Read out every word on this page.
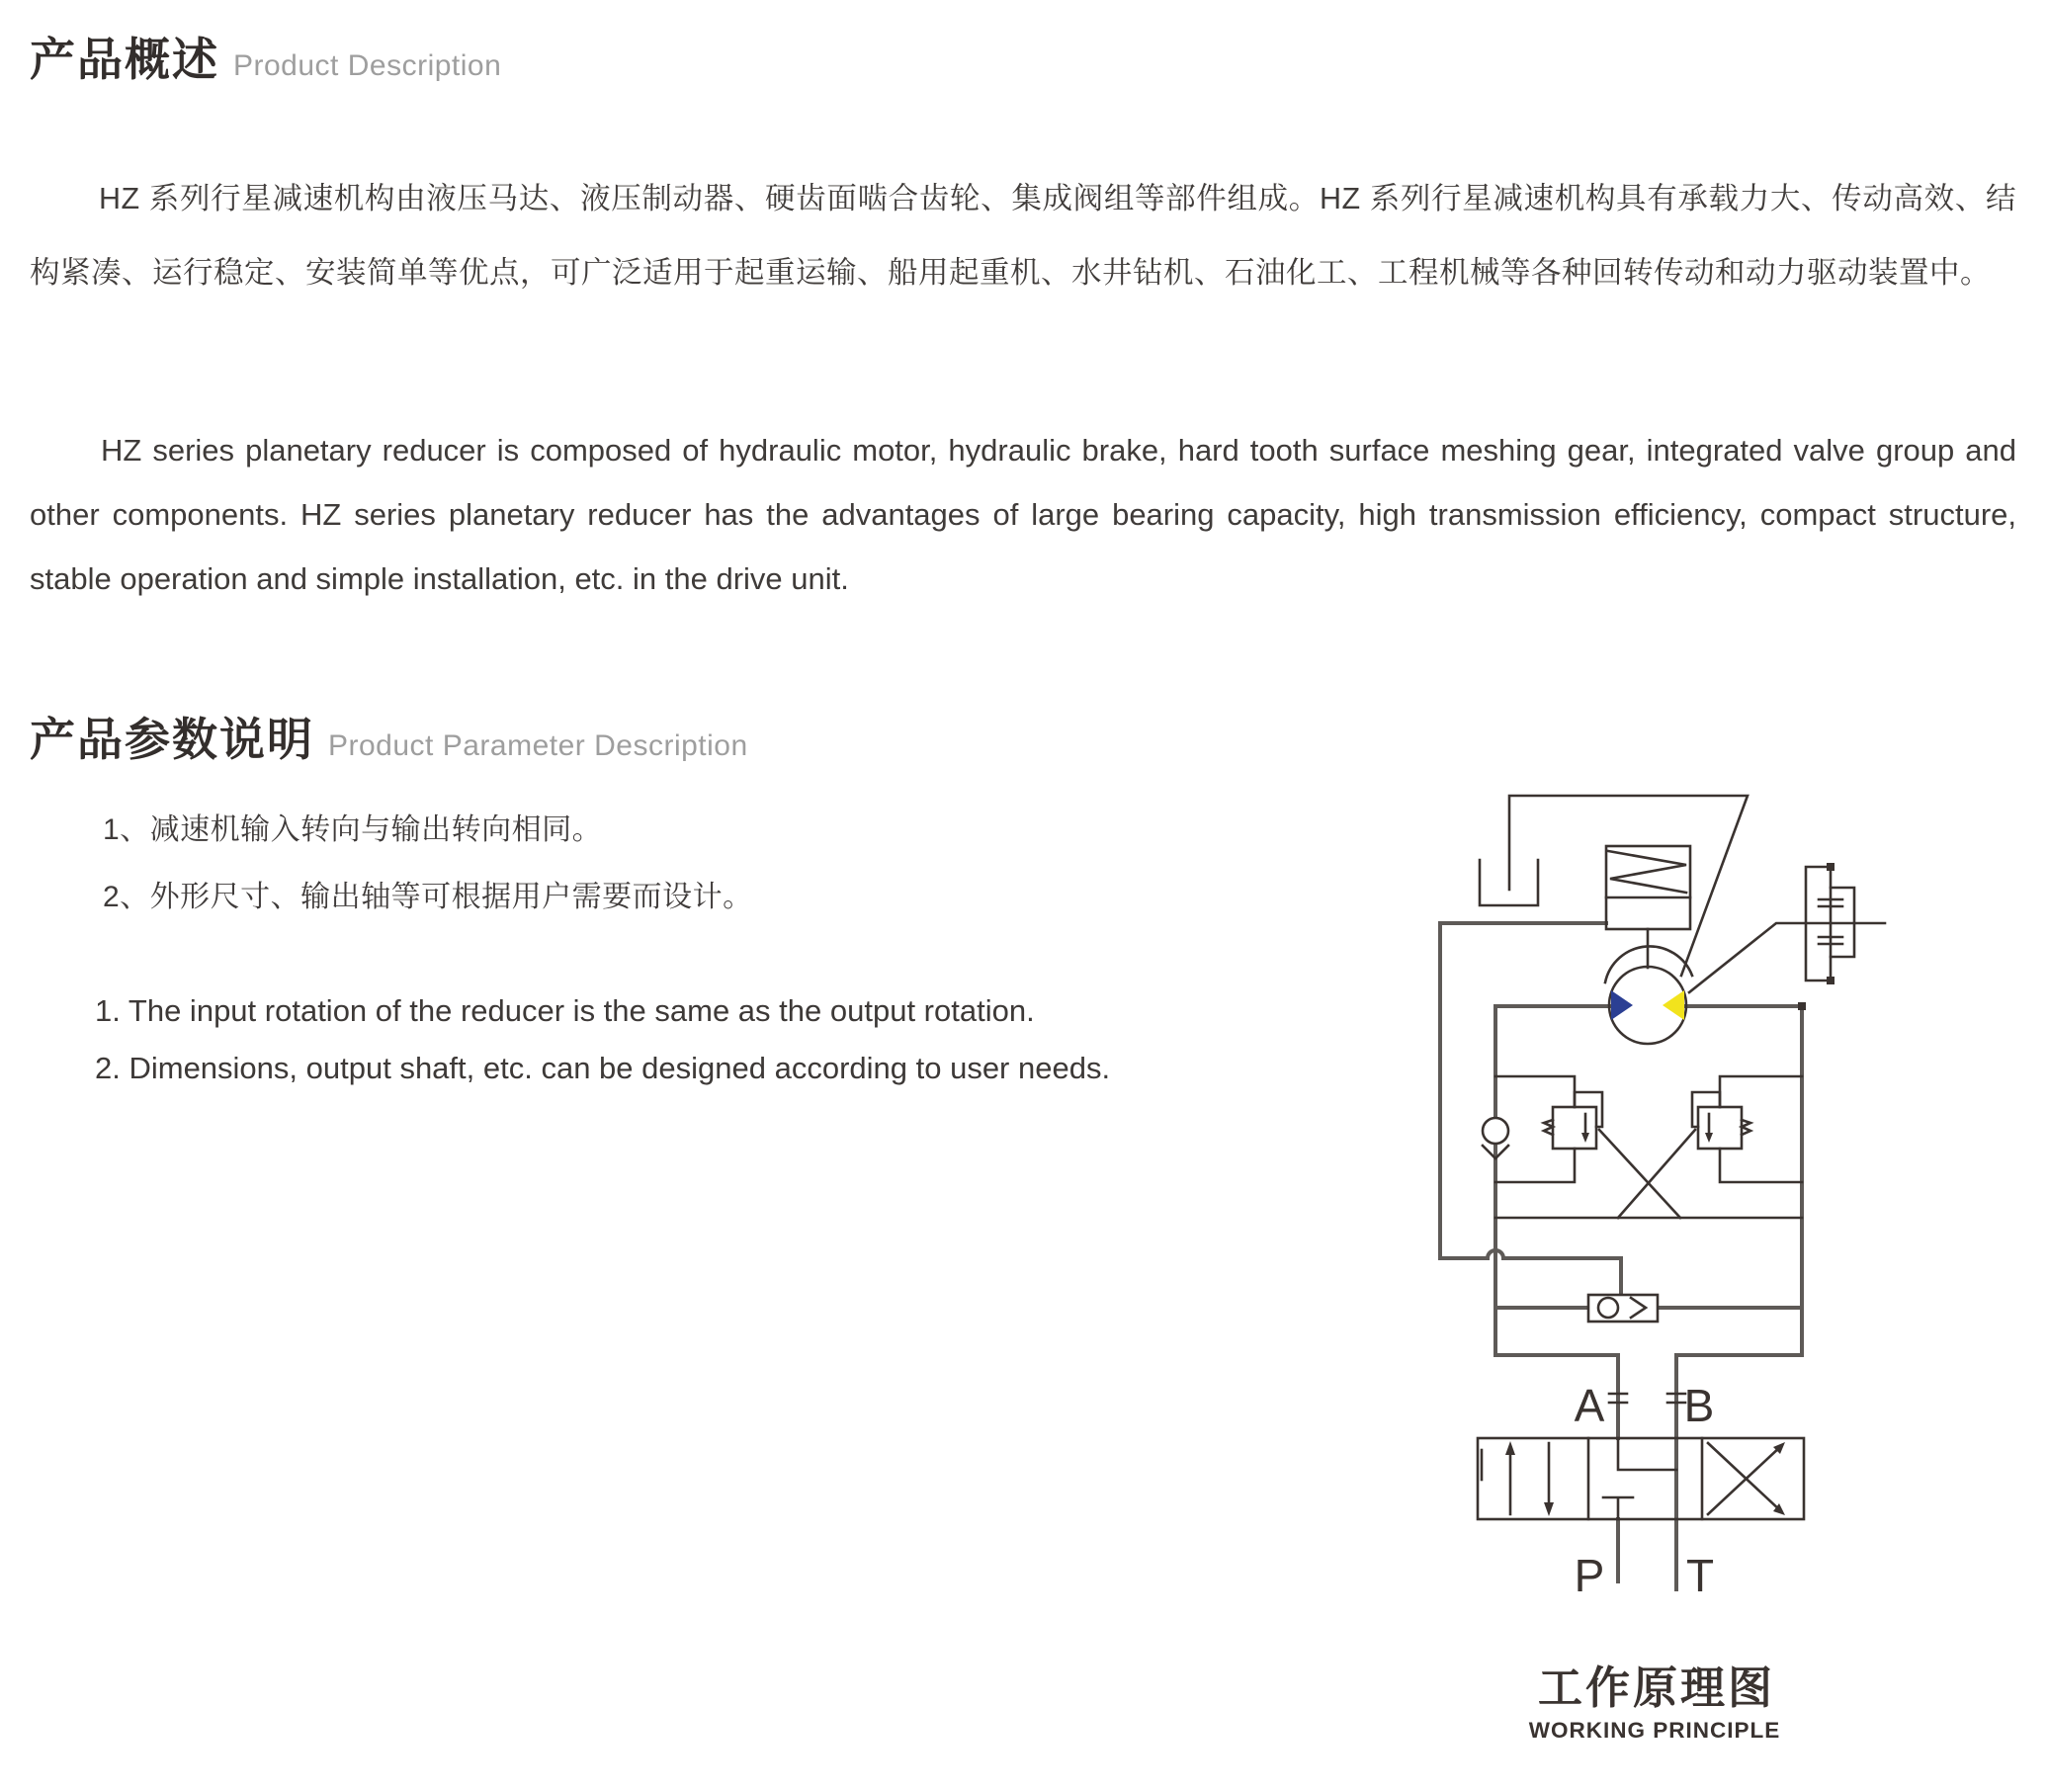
产品概述 Product Description

HZ 系列行星减速机构由液压马达、液压制动器、硬齿面啮合齿轮、集成阀组等部件组成。HZ 系列行星减速机构具有承载力大、传动高效、结构紧凑、运行稳定、安装简单等优点，可广泛适用于起重运输、船用起重机、水井钻机、石油化工、工程机械等各种回转传动和动力驱动装置中。

HZ series planetary reducer is composed of hydraulic motor, hydraulic brake, hard tooth surface meshing gear, integrated valve group and other components. HZ series planetary reducer has the advantages of large bearing capacity, high transmission efficiency, compact structure, stable operation and simple installation, etc. in the drive unit.

产品参数说明 Product Parameter Description
1、减速机输入转向与输出转向相同。
2、外形尺寸、输出轴等可根据用户需要而设计。
1. The input rotation of the reducer is the same as the output rotation.
2. Dimensions, output shaft, etc. can be designed according to user needs.
A B
P T
工作原理图
WORKING PRINCIPLE
